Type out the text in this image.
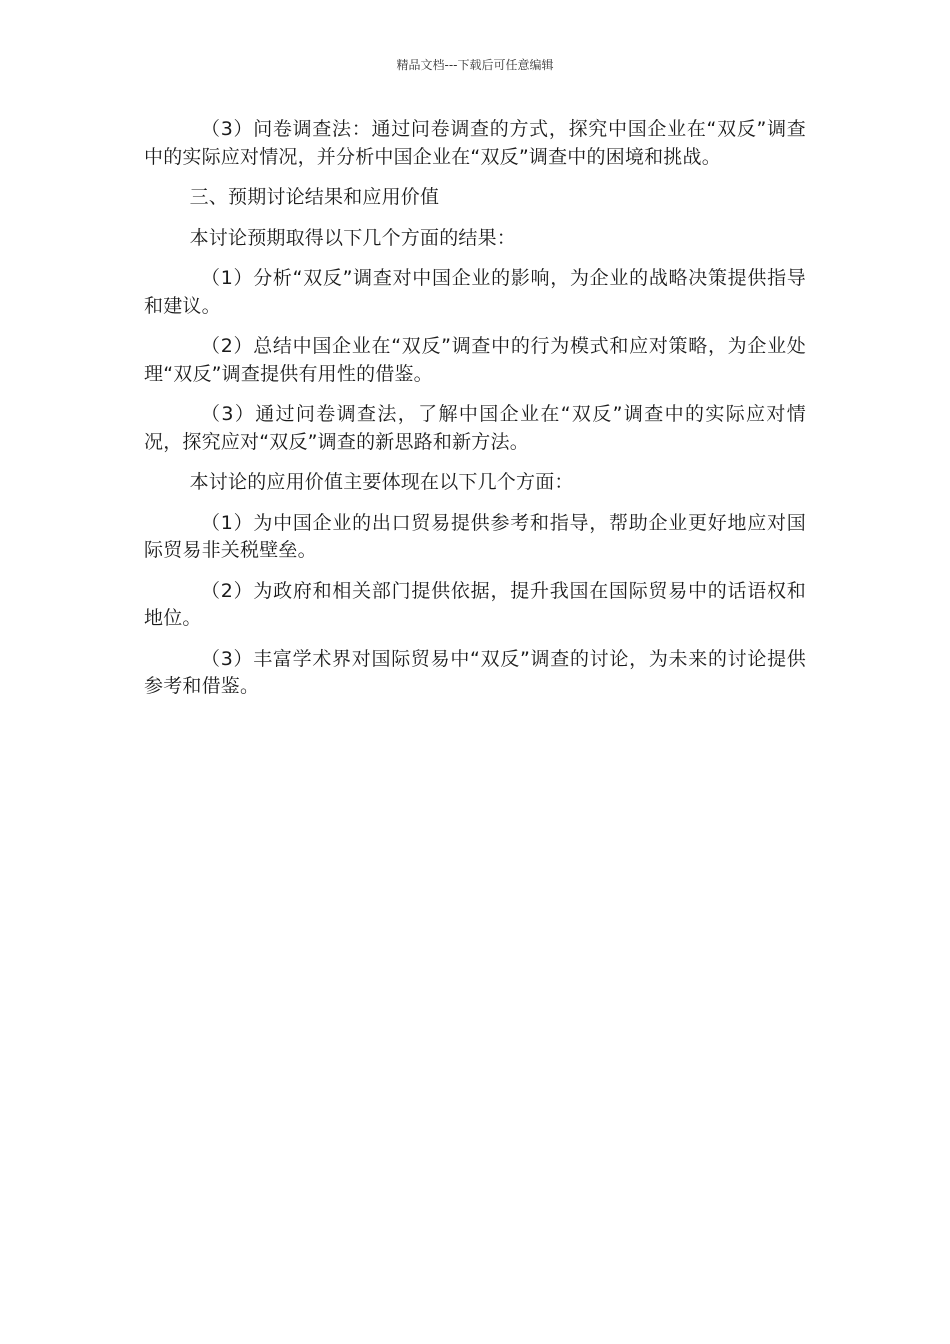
精品文档---下载后可任意编辑

（3）问卷调查法：通过问卷调查的方式，探究中国企业在“双反”调查中的实际应对情况，并分析中国企业在“双反”调查中的困境和挑战。

三、预期讨论结果和应用价值

本讨论预期取得以下几个方面的结果：

（1）分析“双反”调查对中国企业的影响，为企业的战略决策提供指导和建议。

（2）总结中国企业在“双反”调查中的行为模式和应对策略，为企业处理“双反”调查提供有用性的借鉴。

（3）通过问卷调查法，了解中国企业在“双反”调查中的实际应对情况，探究应对“双反”调查的新思路和新方法。

本讨论的应用价值主要体现在以下几个方面：

（1）为中国企业的出口贸易提供参考和指导，帮助企业更好地应对国际贸易非关税壁垒。

（2）为政府和相关部门提供依据，提升我国在国际贸易中的话语权和地位。

（3）丰富学术界对国际贸易中“双反”调查的讨论，为未来的讨论提供参考和借鉴。
